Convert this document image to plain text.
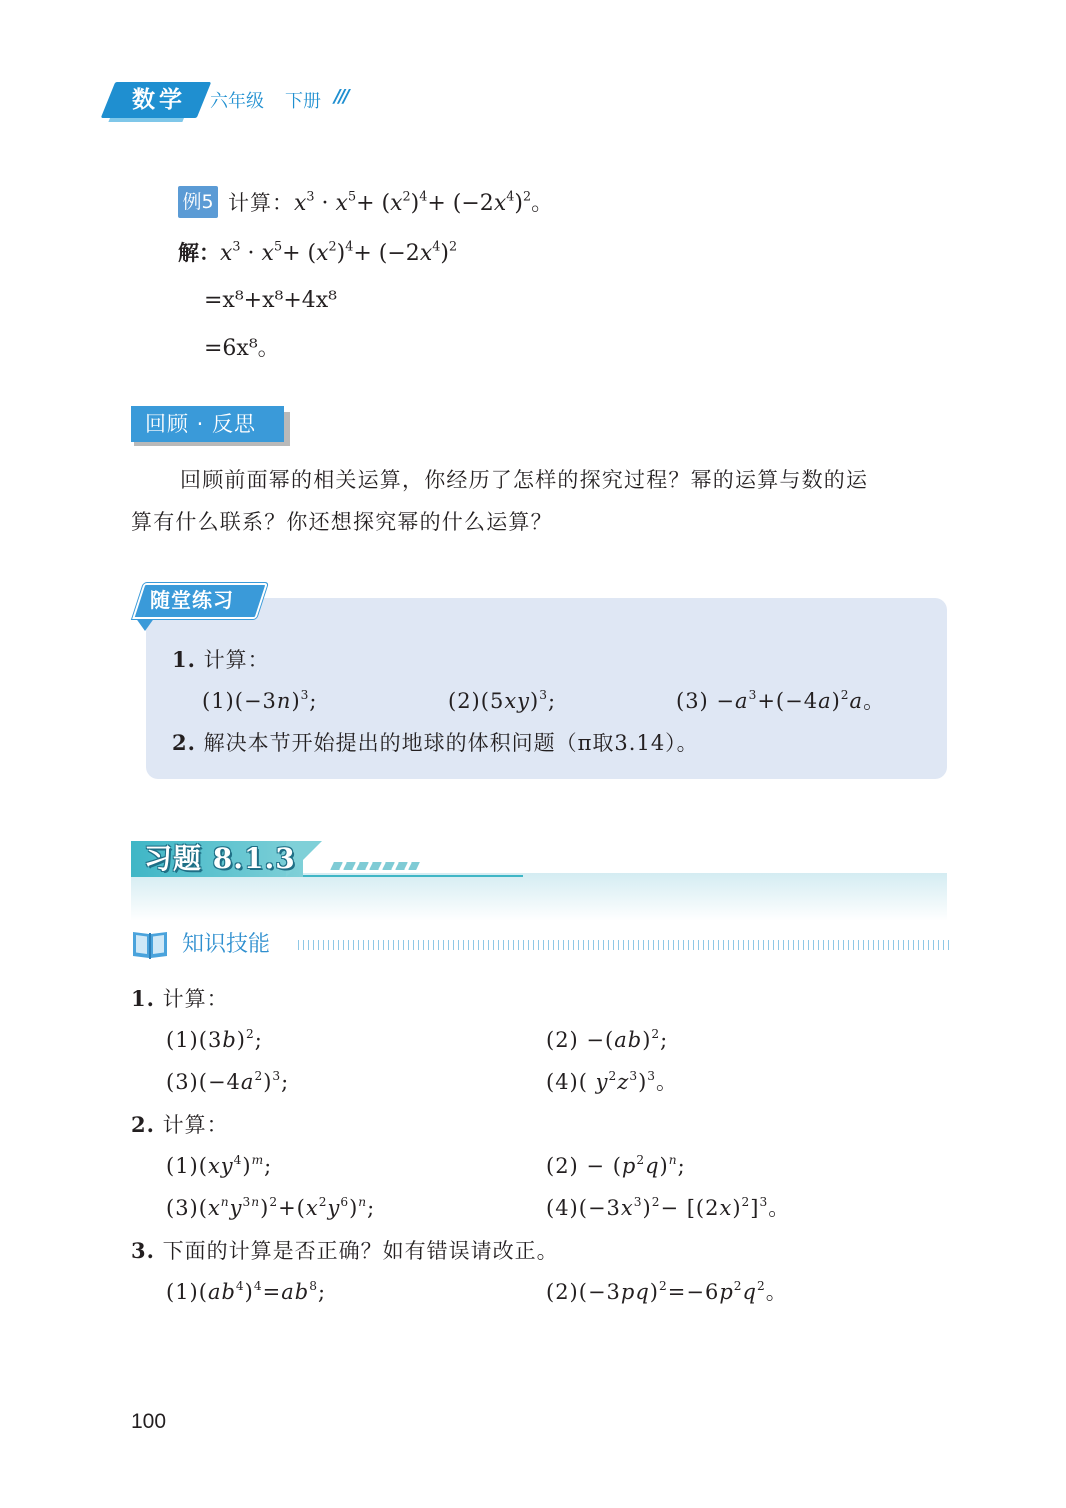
数学	六年级 下册 ///
例5 计算：$x^3 \cdot x^5+ (x^2)^4+ (-2x^4)^2$。
解：$x^3 \cdot x^5+ (x^2)^4+ (-2x^4)^2$
=x⁸+x⁸+4x⁸
=6x⁸。
回顾 · 反思
回顾前面幂的相关运算，你经历了怎样的探究过程？幂的运算与数的运
算有什么联系？你还想探究幂的什么运算？
随堂练习
1. 计算：
$(1)(-3n)^3$;	$(2)(5xy)^3$;	$(3) -a^3+(-4a)^2a$。
2. 解决本节开始提出的地球的体积问题（π取3.14）。
习题 8.1.3
知识技能
1. 计算：
$(1)(3b)^2$;	(2) −(ab)$^2$;
$(3)(-4a^2)^3$;	(4)( $y^2z^3)^3$。
2. 计算：
$(1)(xy^4)^m$;	$(2) - (p^2q)^n$;
$(3)(x^ny^{3n})^2+(x^2y^6)^n$;	$(4)(-3x^3)^2- [(2x)^2]^3$。
3. 下面的计算是否正确？如有错误请改正。
$(1)(ab^4)^4=ab^8$;	$(2)(-3pq)^2=-6p^2q^2$。
100
